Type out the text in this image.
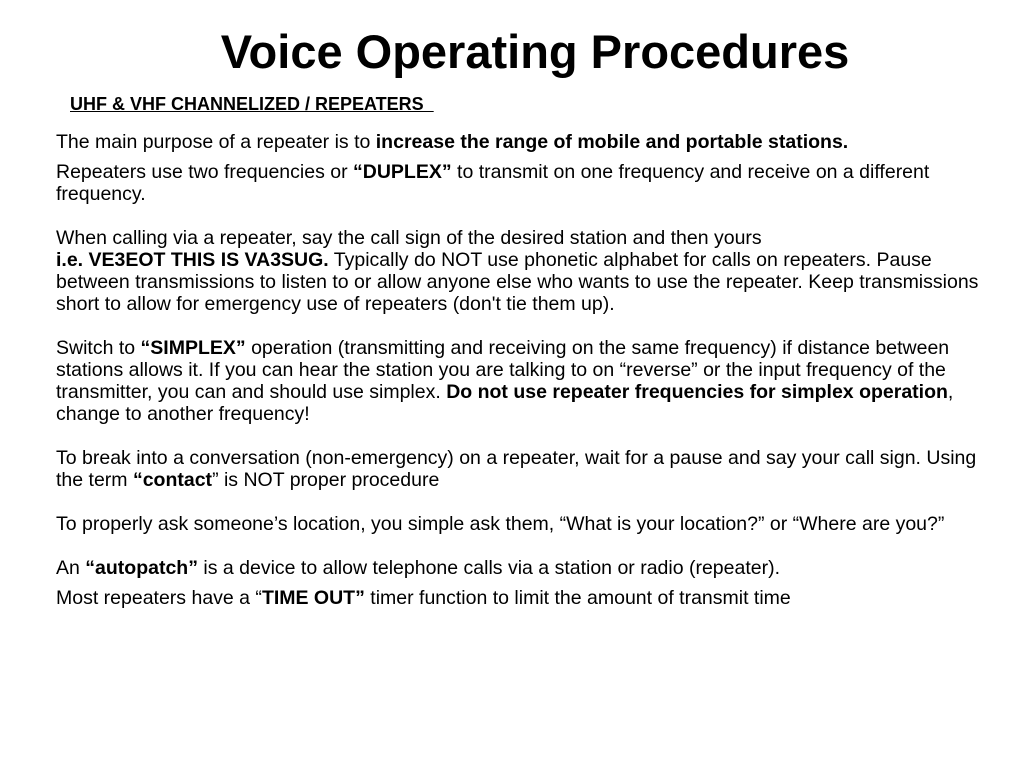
Voice Operating Procedures
UHF & VHF CHANNELIZED / REPEATERS

The main purpose of a repeater is to increase the range of mobile and portable stations.

Repeaters use two frequencies or “DUPLEX” to transmit on one frequency and receive on a different frequency.

When calling via a repeater, say the call sign of the desired station and then yours
i.e. VE3EOT THIS IS VA3SUG. Typically do NOT use phonetic alphabet for calls on repeaters. Pause between transmissions to listen to or allow anyone else who wants to use the repeater. Keep transmissions short to allow for emergency use of repeaters (don't tie them up).

Switch to “SIMPLEX” operation (transmitting and receiving on the same frequency) if distance between stations allows it. If you can hear the station you are talking to on “reverse” or the input frequency of the transmitter, you can and should use simplex. Do not use repeater frequencies for simplex operation, change to another frequency!

To break into a conversation (non-emergency) on a repeater, wait for a pause and say your call sign. Using the term “contact” is NOT proper procedure

To properly ask someone’s location, you simple ask them, “What is your location?” or “Where are you?”

An “autopatch” is a device to allow telephone calls via a station or radio (repeater).

Most repeaters have a “TIME OUT” timer function to limit the amount of transmit time
